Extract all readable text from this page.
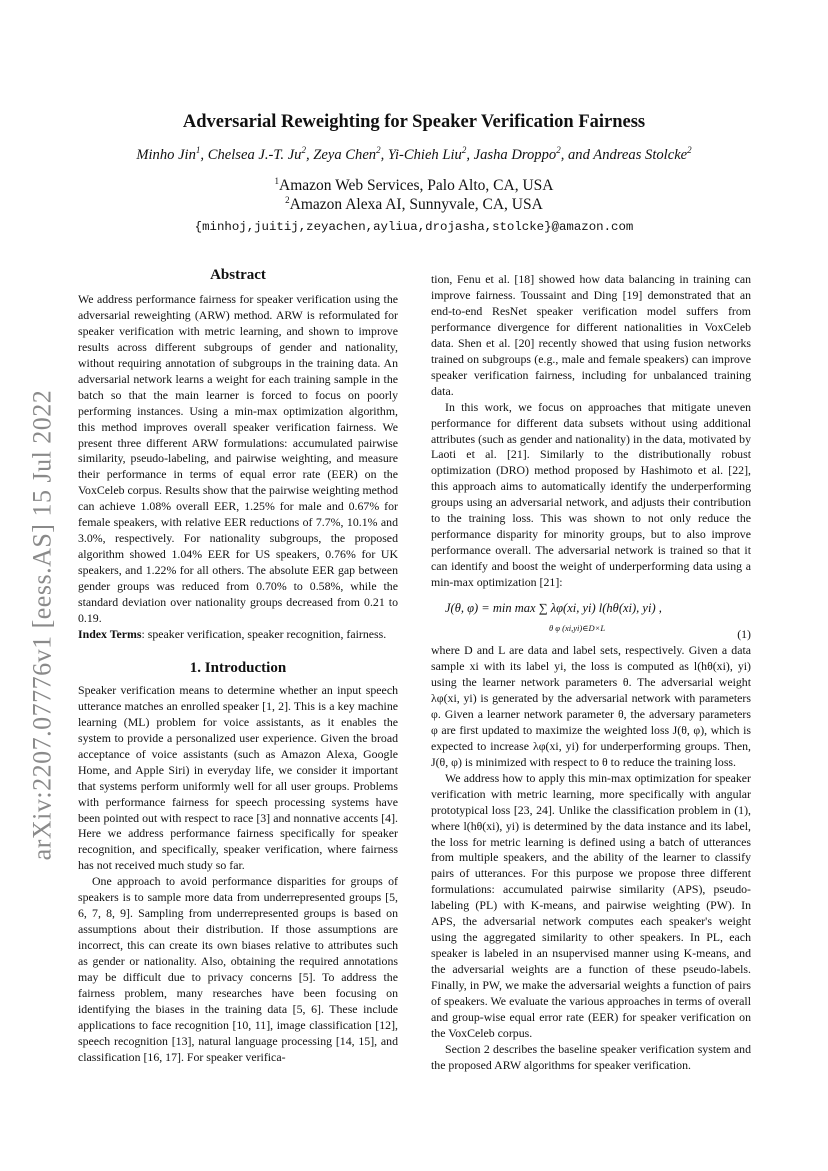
arXiv:2207.07776v1 [eess.AS] 15 Jul 2022
Adversarial Reweighting for Speaker Verification Fairness
Minho Jin$^1$, Chelsea J.-T. Ju$^2$, Zeya Chen$^2$, Yi-Chieh Liu$^2$, Jasha Droppo$^2$, and Andreas Stolcke$^2$
$^1$Amazon Web Services, Palo Alto, CA, USA
$^2$Amazon Alexa AI, Sunnyvale, CA, USA
{minhoj,juitij,zeyachen,ayliua,drojasha,stolcke}@amazon.com
Abstract

We address performance fairness for speaker verification using the adversarial reweighting (ARW) method. ARW is reformulated for speaker verification with metric learning, and shown to improve results across different subgroups of gender and nationality, without requiring annotation of subgroups in the training data. An adversarial network learns a weight for each training sample in the batch so that the main learner is forced to focus on poorly performing instances. Using a min-max optimization algorithm, this method improves overall speaker verification fairness. We present three different ARW formulations: accumulated pairwise similarity, pseudo-labeling, and pairwise weighting, and measure their performance in terms of equal error rate (EER) on the VoxCeleb corpus. Results show that the pairwise weighting method can achieve 1.08% overall EER, 1.25% for male and 0.67% for female speakers, with relative EER reductions of 7.7%, 10.1% and 3.0%, respectively. For nationality subgroups, the proposed algorithm showed 1.04% EER for US speakers, 0.76% for UK speakers, and 1.22% for all others. The absolute EER gap between gender groups was reduced from 0.70% to 0.58%, while the standard deviation over nationality groups decreased from 0.21 to 0.19.

Index Terms: speaker verification, speaker recognition, fairness.

1. Introduction

Speaker verification means to determine whether an input speech utterance matches an enrolled speaker [1, 2]. This is a key machine learning (ML) problem for voice assistants, as it enables the system to provide a personalized user experience. Given the broad acceptance of voice assistants (such as Amazon Alexa, Google Home, and Apple Siri) in everyday life, we consider it important that systems perform uniformly well for all user groups. Problems with performance fairness for speech processing systems have been pointed out with respect to race [3] and nonnative accents [4]. Here we address performance fairness specifically for speaker recognition, and specifically, speaker verification, where fairness has not received much study so far.

One approach to avoid performance disparities for groups of speakers is to sample more data from underrepresented groups [5, 6, 7, 8, 9]. Sampling from underrepresented groups is based on assumptions about their distribution. If those assumptions are incorrect, this can create its own biases relative to attributes such as gender or nationality. Also, obtaining the required annotations may be difficult due to privacy concerns [5]. To address the fairness problem, many researches have been focusing on identifying the biases in the training data [5, 6]. These include applications to face recognition [10, 11], image classification [12], speech recognition [13], natural language processing [14, 15], and classification [16, 17]. For speaker verifica-

tion, Fenu et al. [18] showed how data balancing in training can improve fairness. Toussaint and Ding [19] demonstrated that an end-to-end ResNet speaker verification model suffers from performance divergence for different nationalities in VoxCeleb data. Shen et al. [20] recently showed that using fusion networks trained on subgroups (e.g., male and female speakers) can improve speaker verification fairness, including for unbalanced training data.

In this work, we focus on approaches that mitigate uneven performance for different data subsets without using additional attributes (such as gender and nationality) in the data, motivated by Laoti et al. [21]. Similarly to the distributionally robust optimization (DRO) method proposed by Hashimoto et al. [22], this approach aims to automatically identify the underperforming groups using an adversarial network, and adjusts their contribution to the training loss. This was shown to not only reduce the performance disparity for minority groups, but to also improve performance overall. The adversarial network is trained so that it can identify and boost the weight of underperforming data using a min-max optimization [21]:

J(θ, φ) = min max ∑ λφ(xi, yi) l(hθ(xi), yi) ,
θ φ (xi,yi)∈D×L	(1)

where D and L are data and label sets, respectively. Given a data sample xi with its label yi, the loss is computed as l(hθ(xi), yi) using the learner network parameters θ. The adversarial weight λφ(xi, yi) is generated by the adversarial network with parameters φ. Given a learner network parameter θ, the adversary parameters φ are first updated to maximize the weighted loss J(θ, φ), which is expected to increase λφ(xi, yi) for underperforming groups. Then, J(θ, φ) is minimized with respect to θ to reduce the training loss.

We address how to apply this min-max optimization for speaker verification with metric learning, more specifically with angular prototypical loss [23, 24]. Unlike the classification problem in (1), where l(hθ(xi), yi) is determined by the data instance and its label, the loss for metric learning is defined using a batch of utterances from multiple speakers, and the ability of the learner to classify pairs of utterances. For this purpose we propose three different formulations: accumulated pairwise similarity (APS), pseudo-labeling (PL) with K-means, and pairwise weighting (PW). In APS, the adversarial network computes each speaker's weight using the aggregated similarity to other speakers. In PL, each speaker is labeled in an nsupervised manner using K-means, and the adversarial weights are a function of these pseudo-labels. Finally, in PW, we make the adversarial weights a function of pairs of speakers. We evaluate the various approaches in terms of overall and group-wise equal error rate (EER) for speaker verification on the VoxCeleb corpus.

Section 2 describes the baseline speaker verification system and the proposed ARW algorithms for speaker verification.
